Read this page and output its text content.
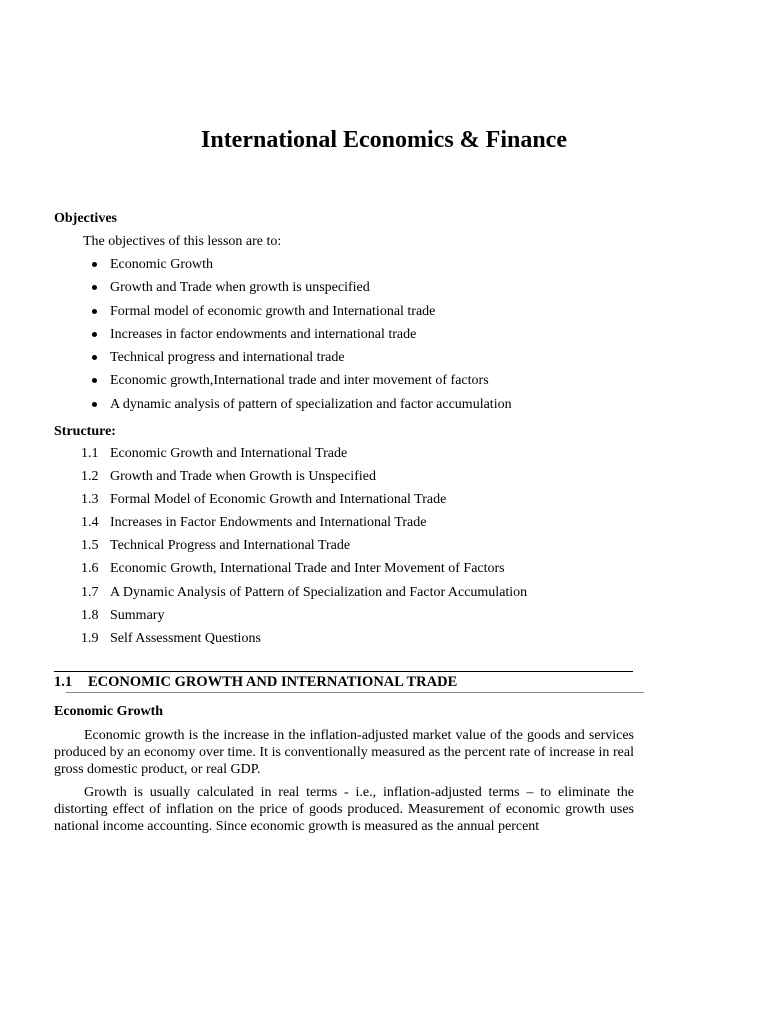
International Economics & Finance
Objectives
The objectives of this lesson are to:
Economic Growth
Growth and Trade when growth is unspecified
Formal model of economic growth and International trade
Increases in factor endowments and international trade
Technical progress and international trade
Economic growth,International trade and inter movement of factors
A dynamic analysis of pattern of specialization and factor accumulation
Structure:
1.1 Economic Growth and International Trade
1.2 Growth and Trade when Growth is Unspecified
1.3 Formal Model of Economic Growth and International Trade
1.4 Increases in Factor Endowments and International Trade
1.5 Technical Progress and International Trade
1.6 Economic Growth, International Trade and Inter Movement of Factors
1.7 A Dynamic Analysis of Pattern of Specialization and Factor Accumulation
1.8 Summary
1.9 Self Assessment Questions
1.1 ECONOMIC GROWTH AND INTERNATIONAL TRADE
Economic Growth

Economic growth is the increase in the inflation-adjusted market value of the goods and services produced by an economy over time. It is conventionally measured as the percent rate of increase in real gross domestic product, or real GDP.

Growth is usually calculated in real terms - i.e., inflation-adjusted terms – to eliminate the distorting effect of inflation on the price of goods produced. Measurement of economic growth uses national income accounting. Since economic growth is measured as the annual percent
